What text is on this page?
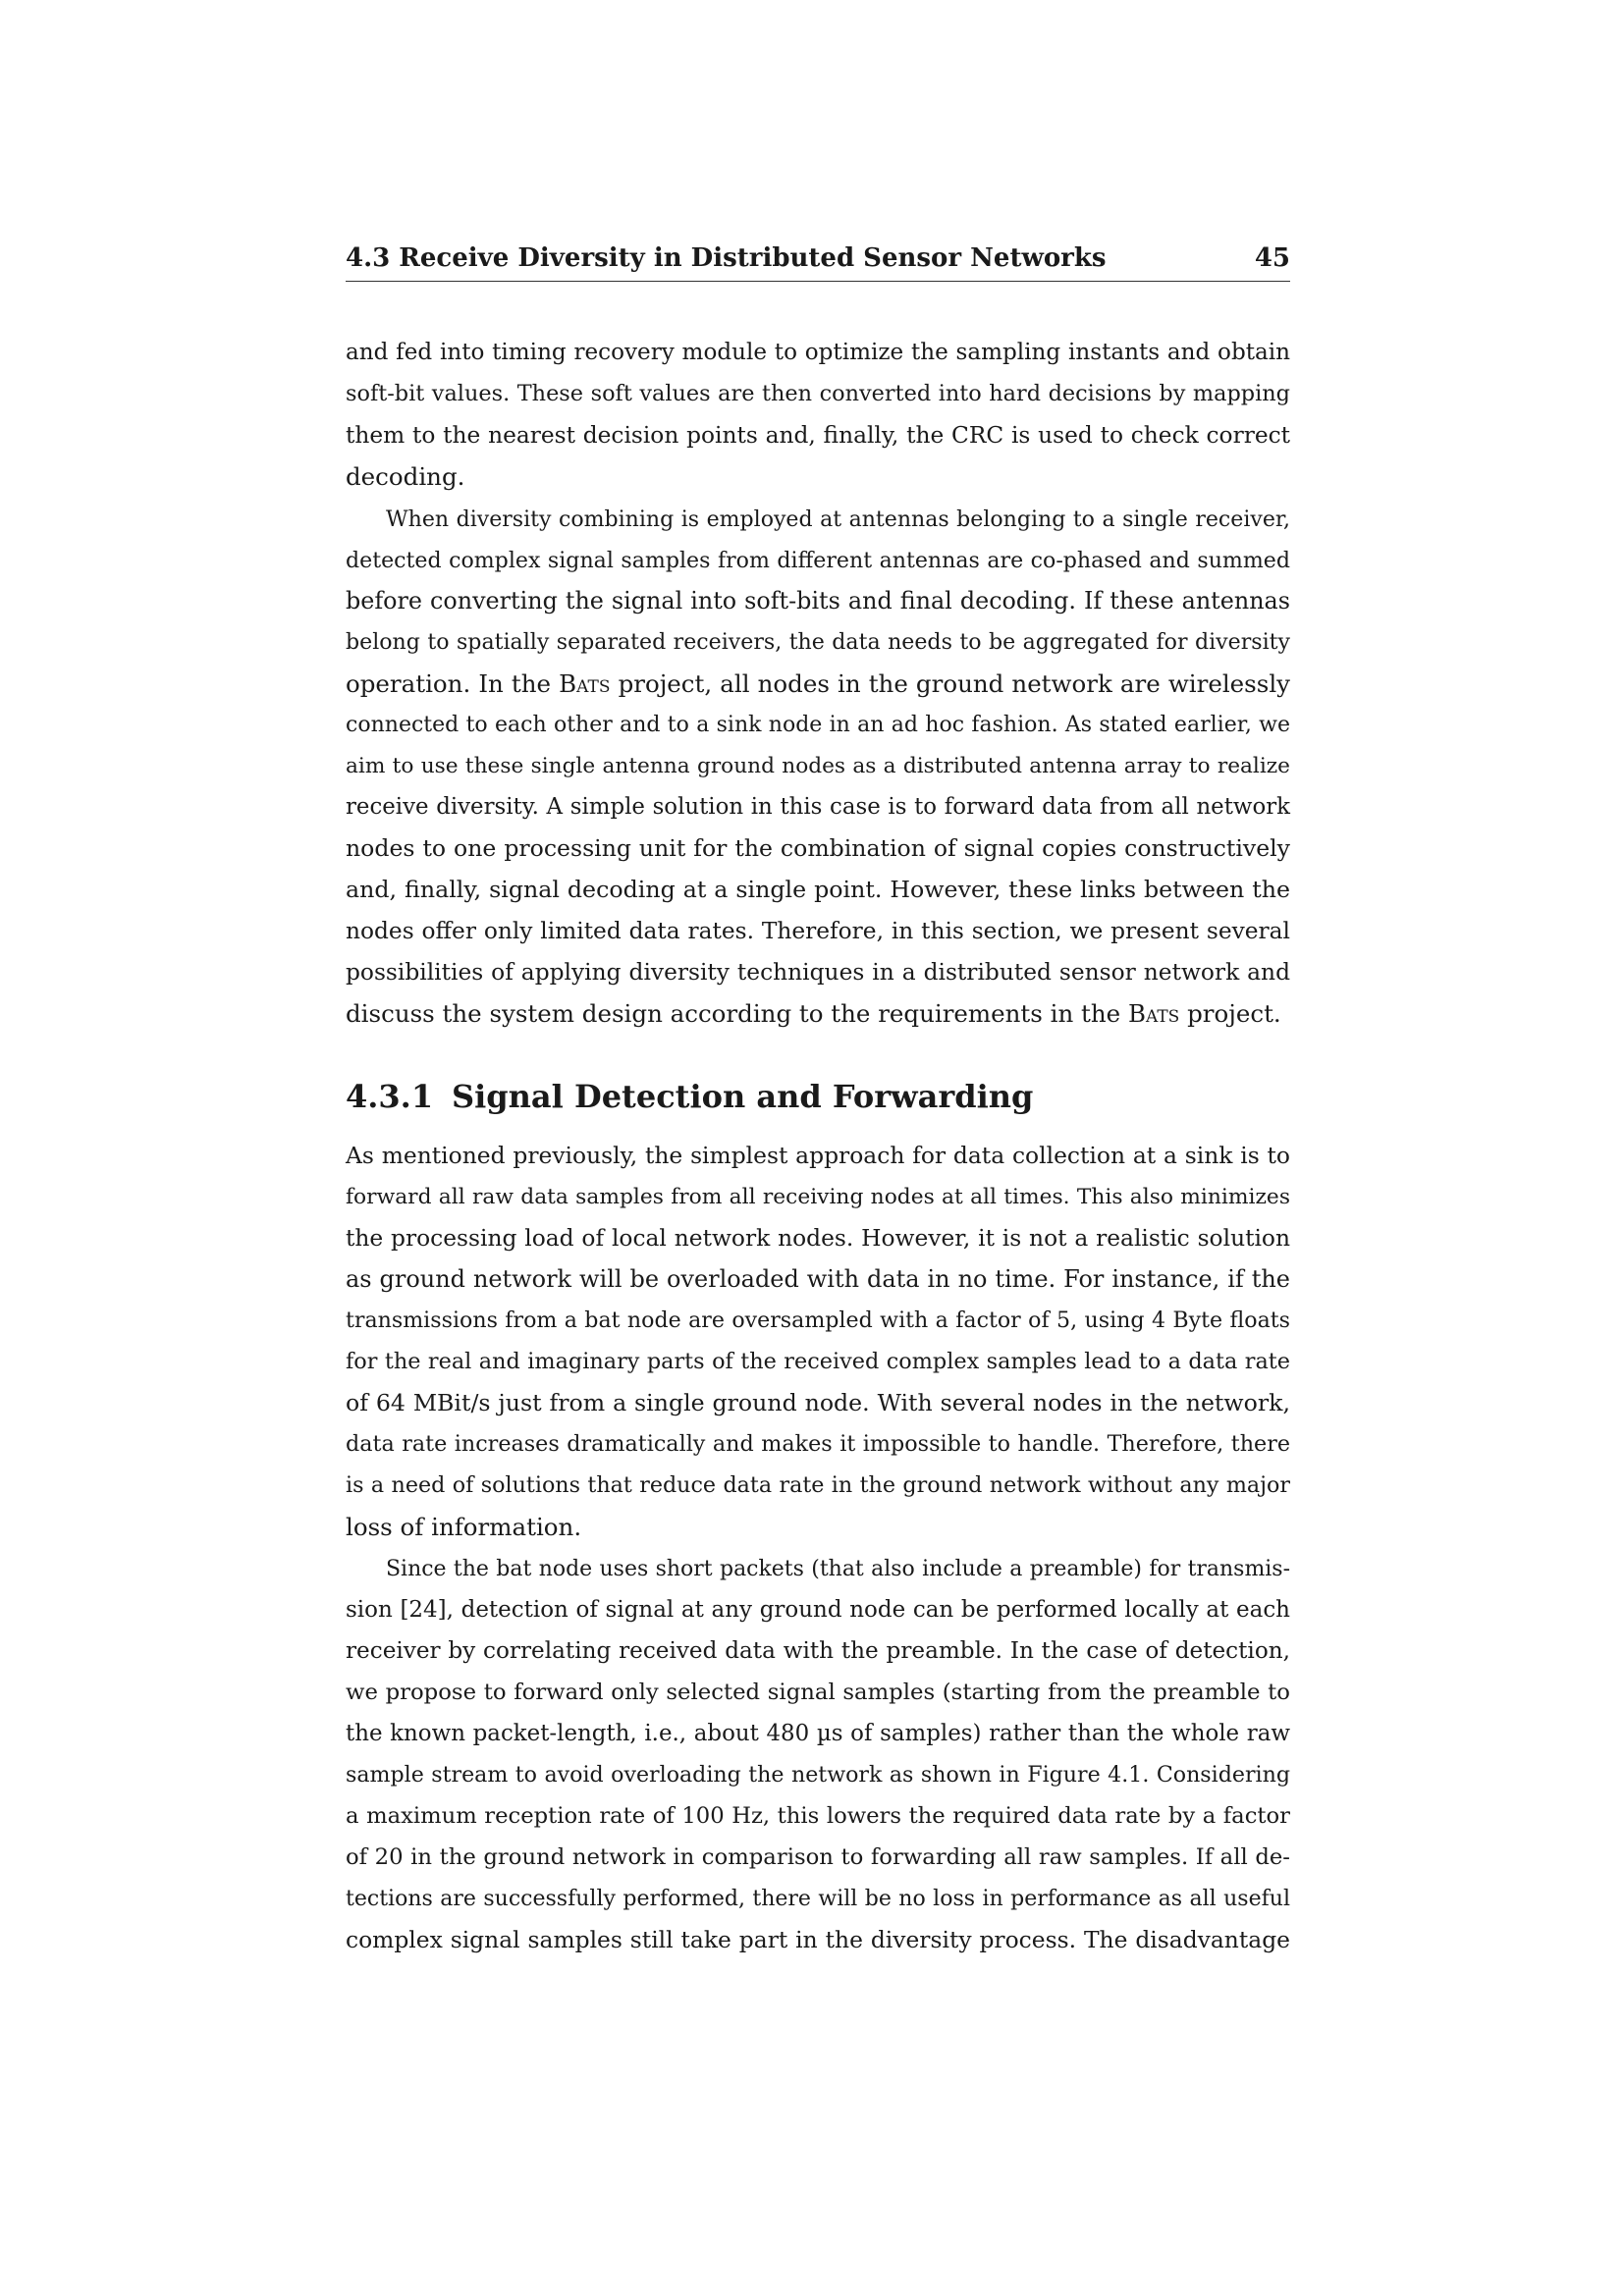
4.3 Receive Diversity in Distributed Sensor Networks	45

and fed into timing recovery module to optimize the sampling instants and obtain
soft-bit values. These soft values are then converted into hard decisions by mapping
them to the nearest decision points and, finally, the CRC is used to check correct
decoding.

When diversity combining is employed at antennas belonging to a single receiver,
detected complex signal samples from different antennas are co-phased and summed
before converting the signal into soft-bits and final decoding. If these antennas
belong to spatially separated receivers, the data needs to be aggregated for diversity
operation. In the Bats project, all nodes in the ground network are wirelessly
connected to each other and to a sink node in an ad hoc fashion. As stated earlier, we
aim to use these single antenna ground nodes as a distributed antenna array to realize
receive diversity. A simple solution in this case is to forward data from all network
nodes to one processing unit for the combination of signal copies constructively
and, finally, signal decoding at a single point. However, these links between the
nodes offer only limited data rates. Therefore, in this section, we present several
possibilities of applying diversity techniques in a distributed sensor network and
discuss the system design according to the requirements in the Bats project.

4.3.1 Signal Detection and Forwarding

As mentioned previously, the simplest approach for data collection at a sink is to
forward all raw data samples from all receiving nodes at all times. This also minimizes
the processing load of local network nodes. However, it is not a realistic solution
as ground network will be overloaded with data in no time. For instance, if the
transmissions from a bat node are oversampled with a factor of 5, using 4 Byte floats
for the real and imaginary parts of the received complex samples lead to a data rate
of 64 MBit/s just from a single ground node. With several nodes in the network,
data rate increases dramatically and makes it impossible to handle. Therefore, there
is a need of solutions that reduce data rate in the ground network without any major
loss of information.

Since the bat node uses short packets (that also include a preamble) for transmis-
sion [24], detection of signal at any ground node can be performed locally at each
receiver by correlating received data with the preamble. In the case of detection,
we propose to forward only selected signal samples (starting from the preamble to
the known packet-length, i.e., about 480 µs of samples) rather than the whole raw
sample stream to avoid overloading the network as shown in Figure 4.1. Considering
a maximum reception rate of 100 Hz, this lowers the required data rate by a factor
of 20 in the ground network in comparison to forwarding all raw samples. If all de-
tections are successfully performed, there will be no loss in performance as all useful
complex signal samples still take part in the diversity process. The disadvantage
